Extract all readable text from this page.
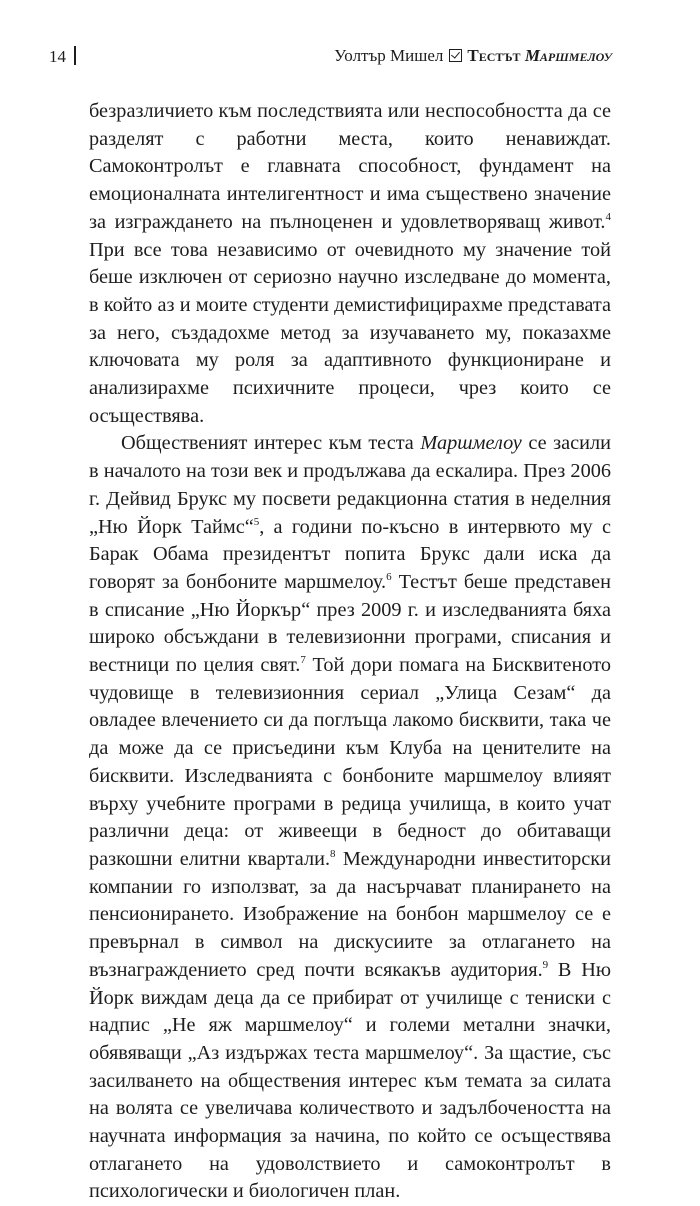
14	Уолтър Мишел Тестът Маршмелоу

безразличието към последствията или неспособността да се разделят с работни места, които ненавиждат. Самоконтролът е главната способност, фундамент на емоционалната интелигентност и има съществено значение за изграждането на пълноценен и удовлетворяващ живот.$^4$ При все това независимо от очевидното му значение той беше изключен от сериозно научно изследване до момента, в който аз и моите студенти демистифицирахме представата за него, създадохме метод за изучаването му, показахме ключовата му роля за адаптивното функциониране и анализирахме психичните процеси, чрез които се осъществява.

Общественият интерес към теста Маршмелоу се засили в началото на този век и продължава да ескалира. През 2006 г. Дейвид Брукс му посвети редакционна статия в неделния „Ню Йорк Таймс“$^5$, а години по-късно в интервюто му с Барак Обама президентът попита Брукс дали иска да говорят за бонбоните маршмелоу.$^6$ Тестът беше представен в списание „Ню Йоркър“ през 2009 г. и изследванията бяха широко обсъждани в телевизионни програми, списания и вестници по целия свят.$^7$ Той дори помага на Бисквитеното чудовище в телевизионния сериал „Улица Сезам“ да овладее влечението си да поглъща лакомо бисквити, така че да може да се присъедини към Клуба на ценителите на бисквити. Изследванията с бонбоните маршмелоу влияят върху учебните програми в редица училища, в които учат различни деца: от живеещи в бедност до обитаващи разкошни елитни квартали.$^8$ Международни инвеститорски компании го използват, за да насърчават планирането на пенсионирането. Изображение на бонбон маршмелоу се е превърнал в символ на дискусиите за отлагането на възнаграждението сред почти всякакъв аудитория.$^9$ В Ню Йорк виждам деца да се прибират от училище с тениски с надпис „Не яж маршмелоу“ и големи метални значки, обявяващи „Аз издържах теста маршмелоу“. За щастие, със засилването на обществения интерес към темата за силата на волята се увеличава количеството и задълбочеността на научната информация за начина, по който се осъществява отлагането на удоволствието и самоконтролът в психологически и биологичен план.
